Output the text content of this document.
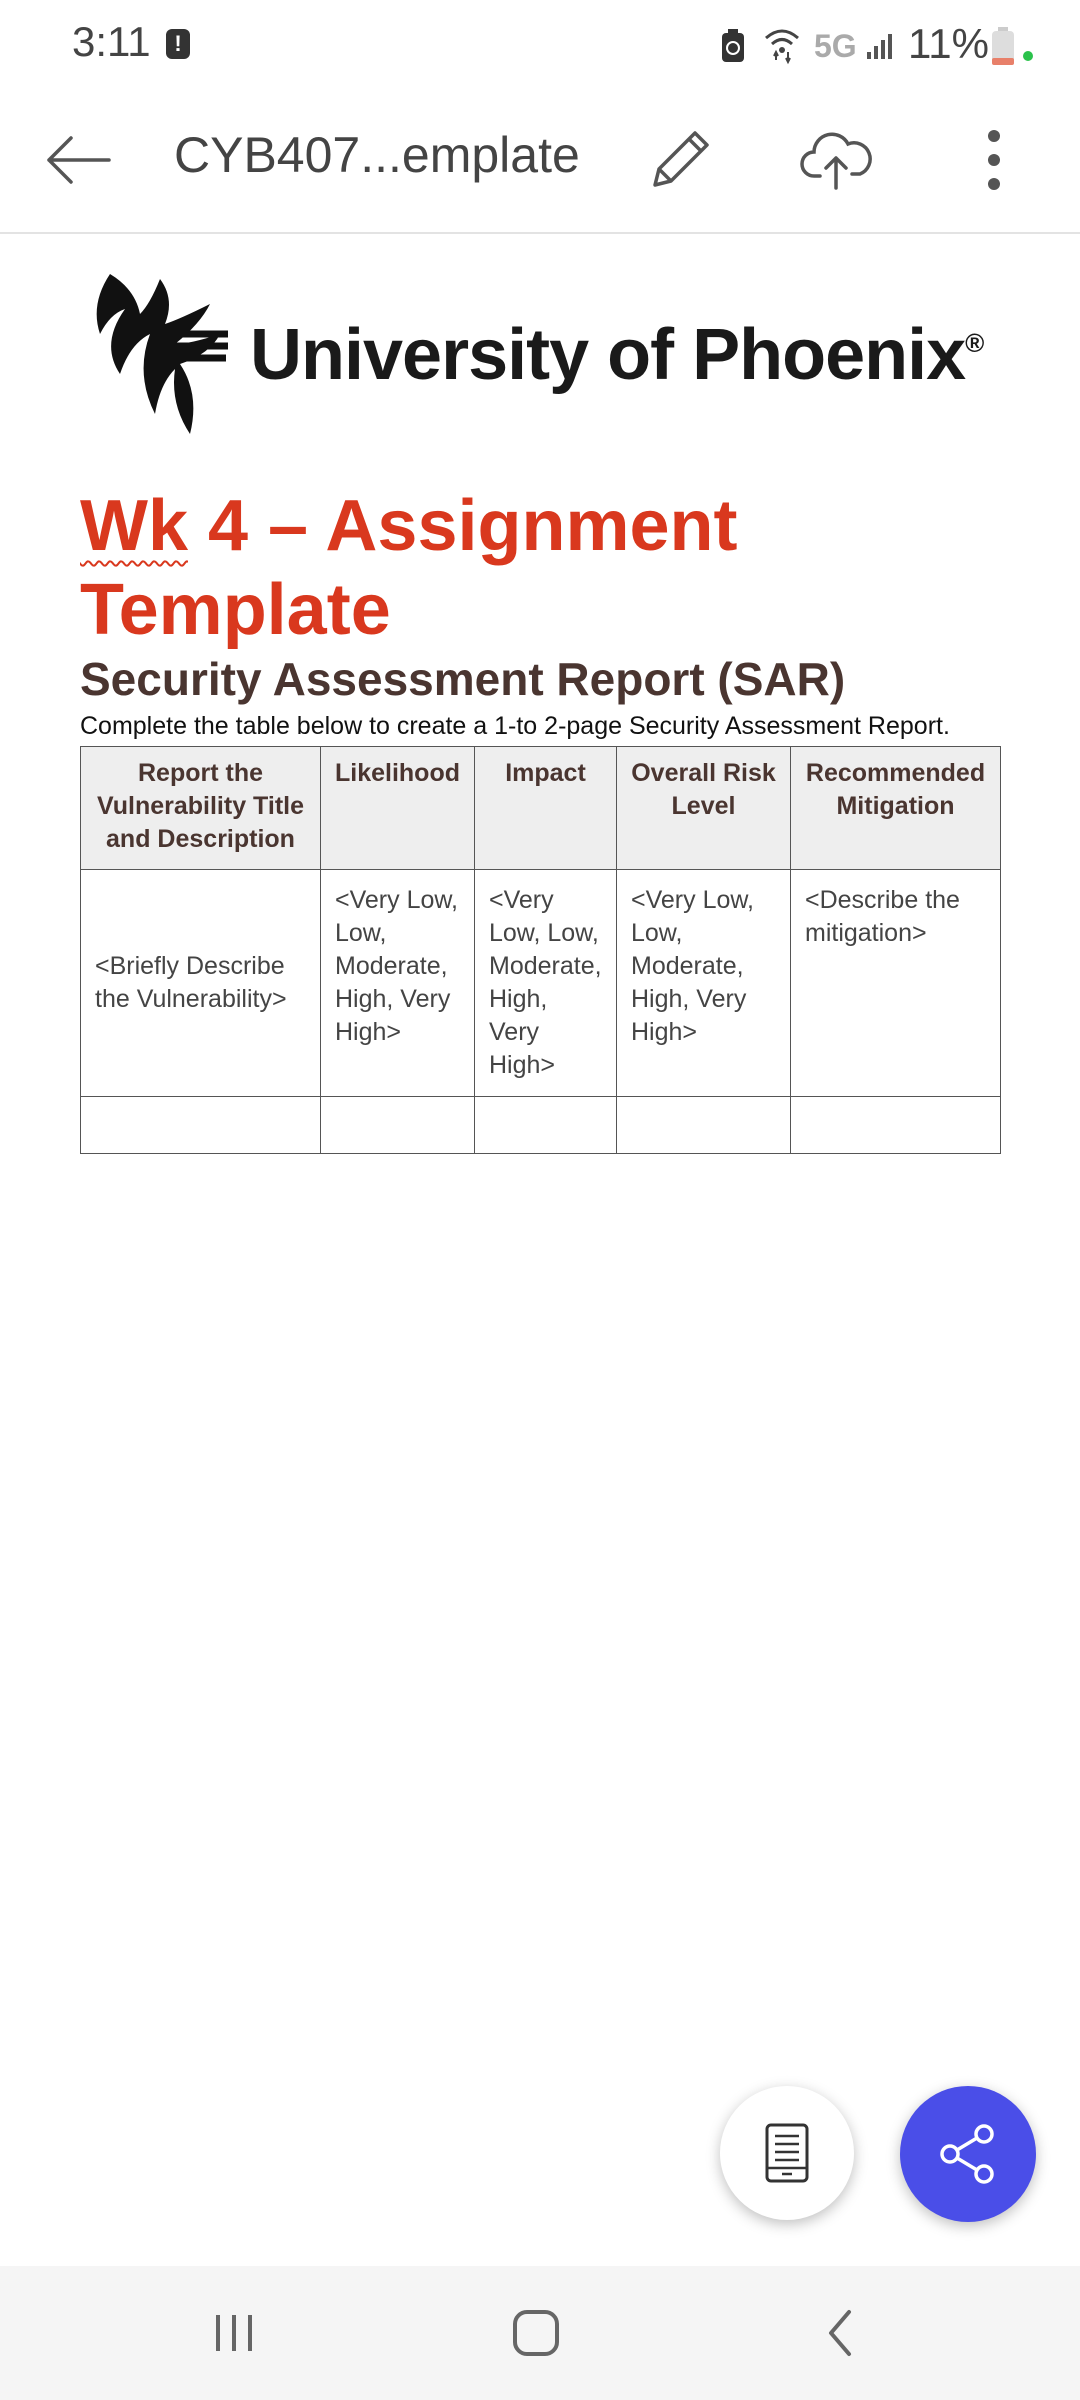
3:11	!	5G 11%
CYB407...emplate
University of Phoenix®
Wk 4 – Assignment Template
Security Assessment Report (SAR)
Complete the table below to create a 1-to 2-page Security Assessment Report.
Report the Vulnerability Title and Description	Likelihood	Impact	Overall Risk Level	Recommended Mitigation
<Briefly Describe the Vulnerability>	<Very Low, Low, Moderate, High, Very High>	<Very Low, Low, Moderate, High, Very High>	<Very Low, Low, Moderate, High, Very High>	<Describe the mitigation>
